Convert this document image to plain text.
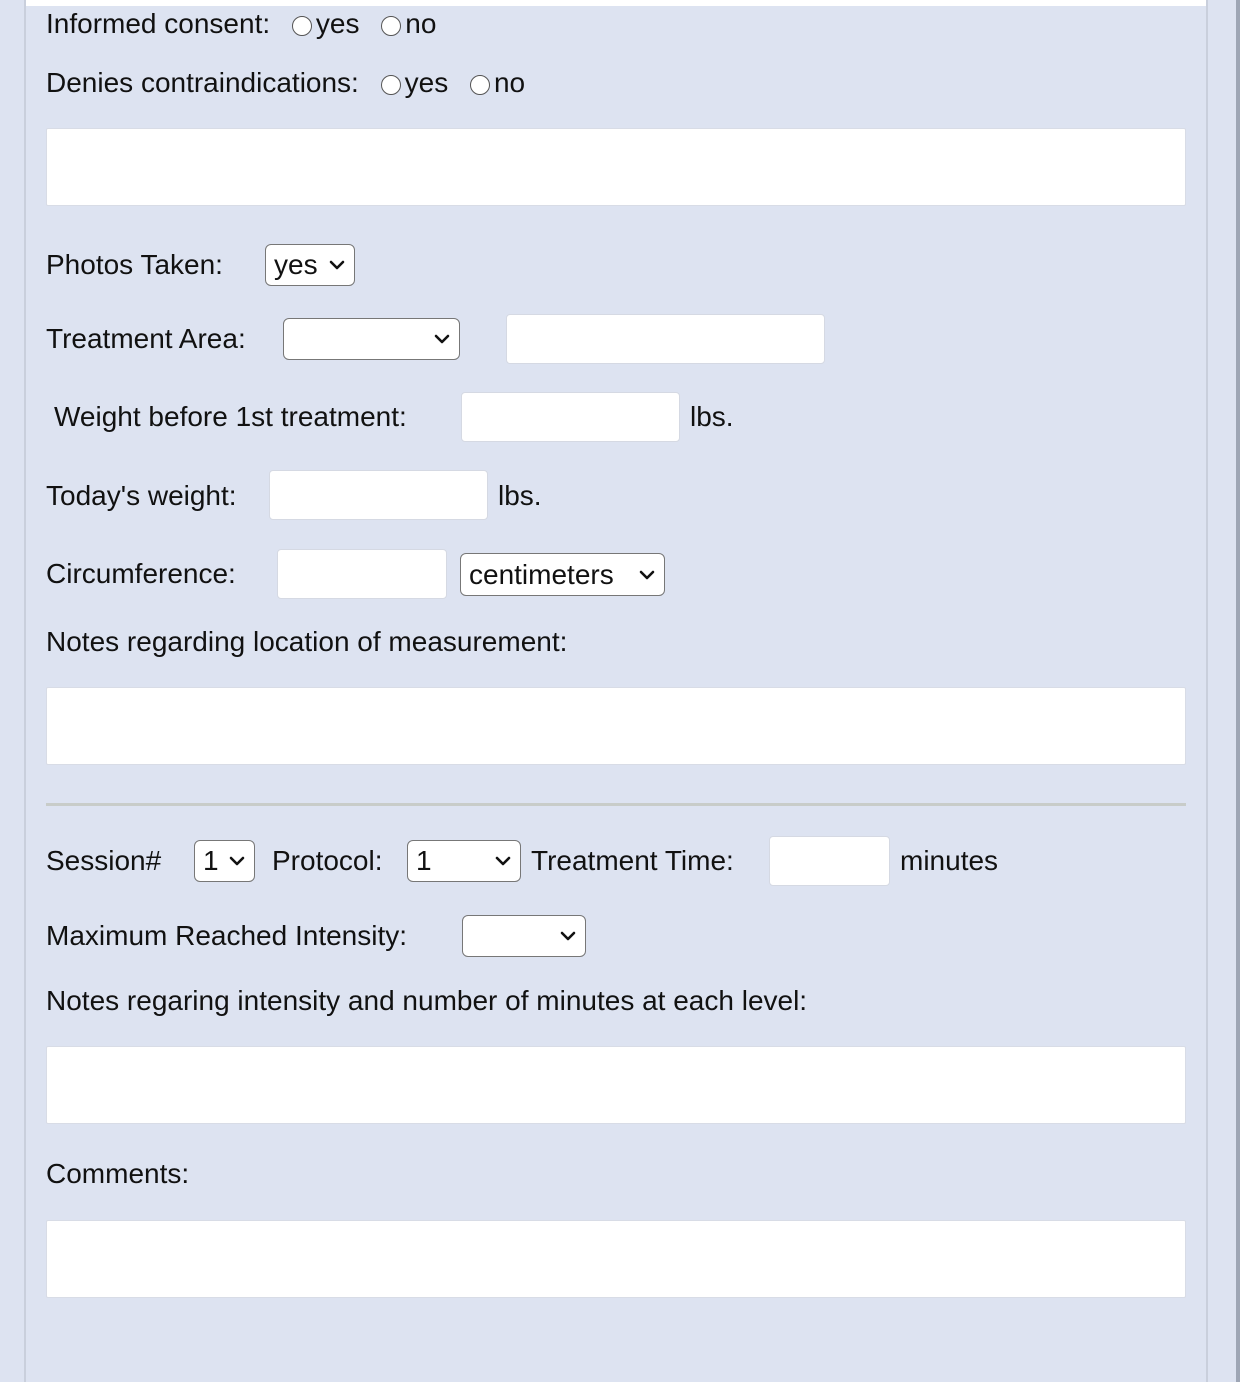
Informed consent: yes no
Denies contraindications: yes no
Photos Taken: yes
Treatment Area:
Weight before 1st treatment:	lbs.
Today's weight:	lbs.
Circumference:	centimeters
Notes regarding location of measurement:
Session# 1 Protocol: 1	Treatment Time:	minutes
Maximum Reached Intensity:
Notes regaring intensity and number of minutes at each level:
Comments:
